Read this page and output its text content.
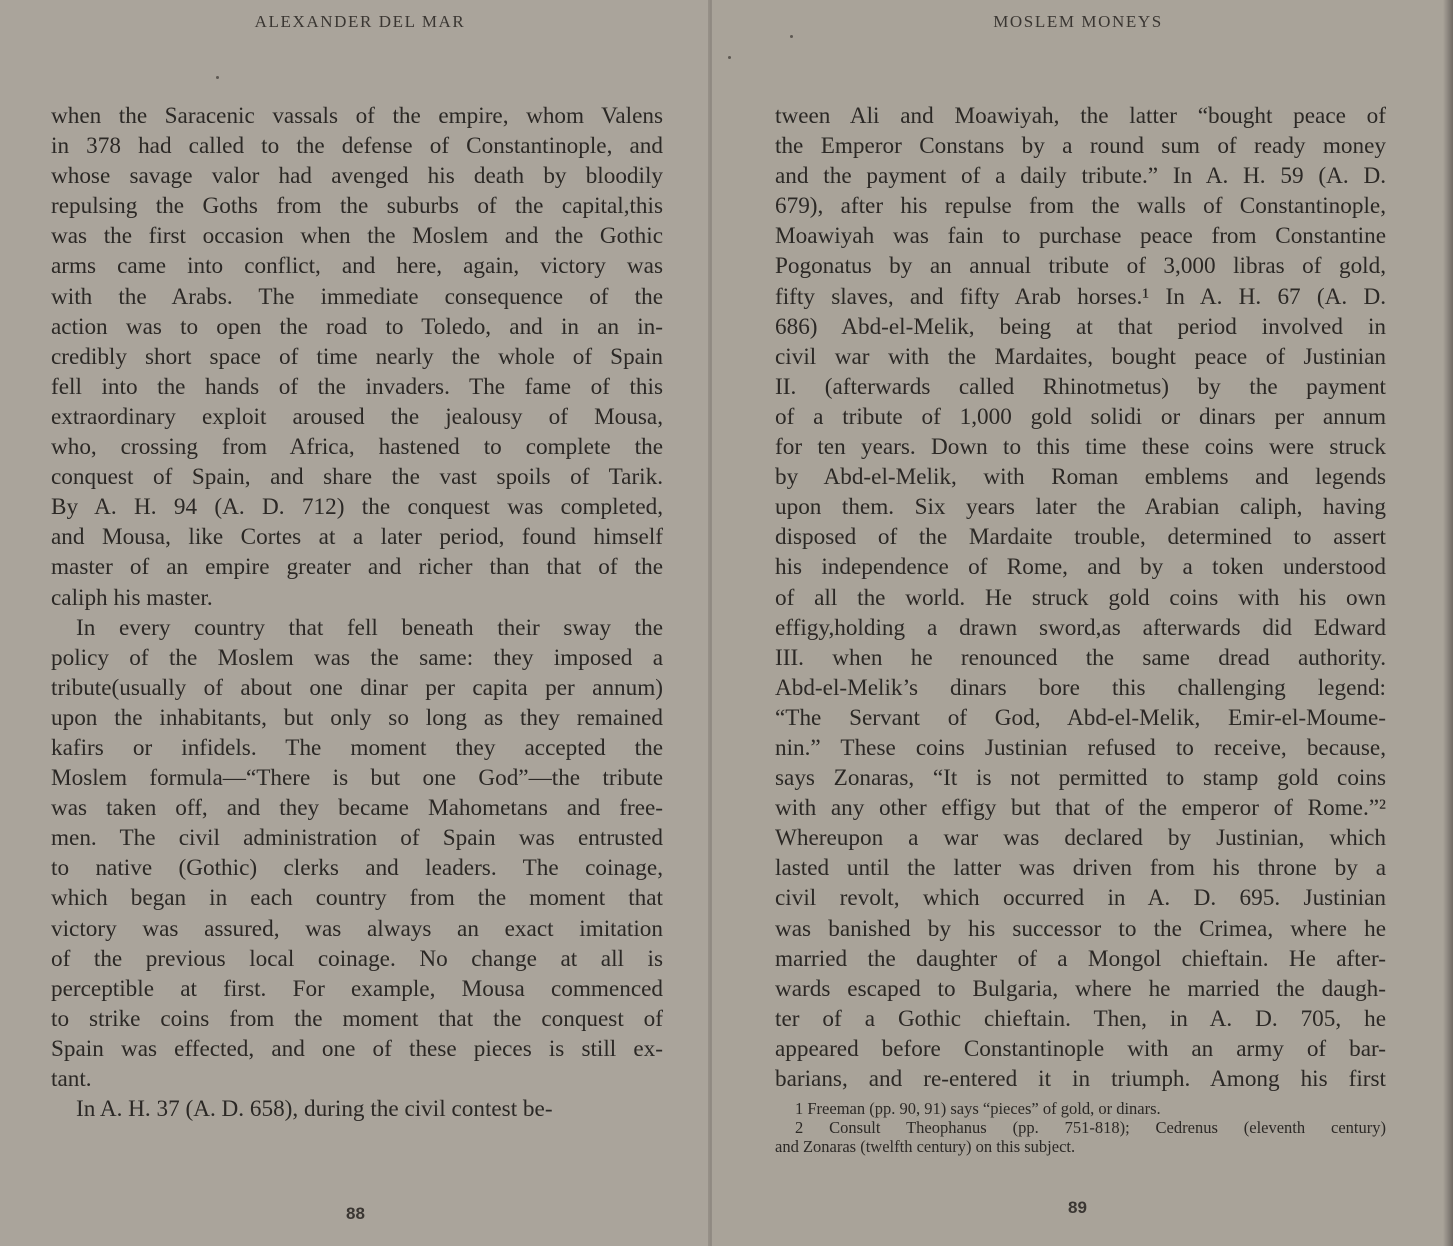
ALEXANDER DEL MAR
when the Saracenic vassals of the empire, whom Valens
in 378 had called to the defense of Constantinople, and
whose savage valor had avenged his death by bloodily
repulsing the Goths from the suburbs of the capital,this
was the first occasion when the Moslem and the Gothic
arms came into conflict, and here, again, victory was
with the Arabs. The immediate consequence of the
action was to open the road to Toledo, and in an in-
credibly short space of time nearly the whole of Spain
fell into the hands of the invaders. The fame of this
extraordinary exploit aroused the jealousy of Mousa,
who, crossing from Africa, hastened to complete the
conquest of Spain, and share the vast spoils of Tarik.
By A. H. 94 (A. D. 712) the conquest was completed,
and Mousa, like Cortes at a later period, found himself
master of an empire greater and richer than that of the
caliph his master.
In every country that fell beneath their sway the
policy of the Moslem was the same: they imposed a
tribute(usually of about one dinar per capita per annum)
upon the inhabitants, but only so long as they remained
kafirs or infidels. The moment they accepted the
Moslem formula—“There is but one God”—the tribute
was taken off, and they became Mahometans and free-
men. The civil administration of Spain was entrusted
to native (Gothic) clerks and leaders. The coinage,
which began in each country from the moment that
victory was assured, was always an exact imitation
of the previous local coinage. No change at all is
perceptible at first. For example, Mousa commenced
to strike coins from the moment that the conquest of
Spain was effected, and one of these pieces is still ex-
tant.
In A. H. 37 (A. D. 658), during the civil contest be-
88
MOSLEM MONEYS
tween Ali and Moawiyah, the latter “bought peace of
the Emperor Constans by a round sum of ready money
and the payment of a daily tribute.” In A. H. 59 (A. D.
679), after his repulse from the walls of Constantinople,
Moawiyah was fain to purchase peace from Constantine
Pogonatus by an annual tribute of 3,000 libras of gold,
fifty slaves, and fifty Arab horses.¹ In A. H. 67 (A. D.
686) Abd-el-Melik, being at that period involved in
civil war with the Mardaites, bought peace of Justinian
II. (afterwards called Rhinotmetus) by the payment
of a tribute of 1,000 gold solidi or dinars per annum
for ten years. Down to this time these coins were struck
by Abd-el-Melik, with Roman emblems and legends
upon them. Six years later the Arabian caliph, having
disposed of the Mardaite trouble, determined to assert
his independence of Rome, and by a token understood
of all the world. He struck gold coins with his own
effigy,holding a drawn sword,as afterwards did Edward
III. when he renounced the same dread authority.
Abd-el-Melik’s dinars bore this challenging legend:
“The Servant of God, Abd-el-Melik, Emir-el-Moume-
nin.” These coins Justinian refused to receive, because,
says Zonaras, “It is not permitted to stamp gold coins
with any other effigy but that of the emperor of Rome.”²
Whereupon a war was declared by Justinian, which
lasted until the latter was driven from his throne by a
civil revolt, which occurred in A. D. 695. Justinian
was banished by his successor to the Crimea, where he
married the daughter of a Mongol chieftain. He after-
wards escaped to Bulgaria, where he married the daugh-
ter of a Gothic chieftain. Then, in A. D. 705, he
appeared before Constantinople with an army of bar-
barians, and re-entered it in triumph. Among his first
1 Freeman (pp. 90, 91) says “pieces” of gold, or dinars.
2 Consult Theophanus (pp. 751-818); Cedrenus (eleventh century)
and Zonaras (twelfth century) on this subject.
89
